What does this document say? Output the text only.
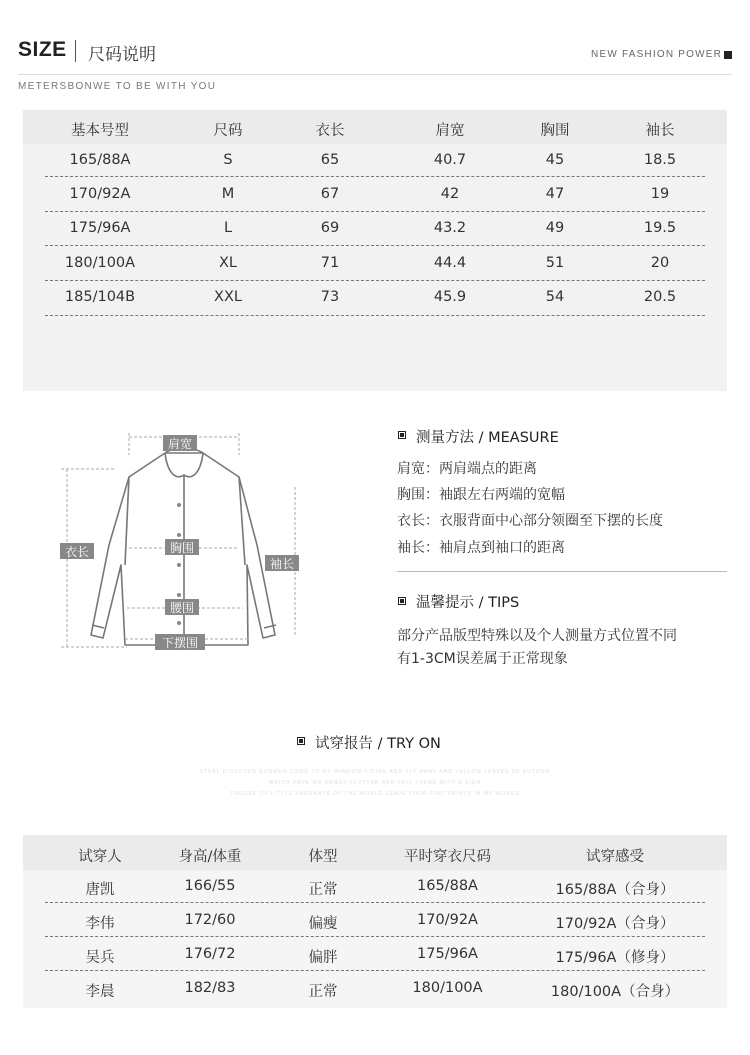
SIZE 尺码说明	NEW FASHION POWER
METERSBONWE TO BE WITH YOU
基本号型	尺码	衣长	肩宽	胸围	袖长
165/88A	S	65	40.7	45	18.5
170/92A	M	67	42	47	19
175/96A	L	69	43.2	49	19.5
180/100A	XL	71	44.4	51	20
185/104B	XXL	73	45.9	54	20.5
肩宽
衣长	胸围
袖长
腰围
下摆围
测量方法 / MEASURE
肩宽：两肩端点的距离
胸围：袖跟左右两端的宽幅
衣长：衣服背面中心部分领圈至下摆的长度
袖长：袖肩点到袖口的距离
温馨提示 / TIPS
部分产品版型特殊以及个人测量方式位置不同
有1-3CM误差属于正常现象
试穿报告 / TRY ON
STEAL DISCOVER SUMMER COME TO MY WINDOW TIDING AND FLY AWAY AND YELLOW LEAVES OF AUTUMN
WHICH HAVE NO SONGS FLUTTER AND FALL THERE WITH A SIGH
TROUPE OF LITTLE VAGRANTS OF THE WORLD LEAVE YOUR FOOTPRINTS IN MY WORDS
试穿人	身高/体重	体型	平时穿衣尺码	试穿感受
唐凯	166/55	正常	165/88A	165/88A（合身）
李伟	172/60	偏瘦	170/92A	170/92A（合身）
吴兵	176/72	偏胖	175/96A	175/96A（修身）
李晨	182/83	正常	180/100A	180/100A（合身）
